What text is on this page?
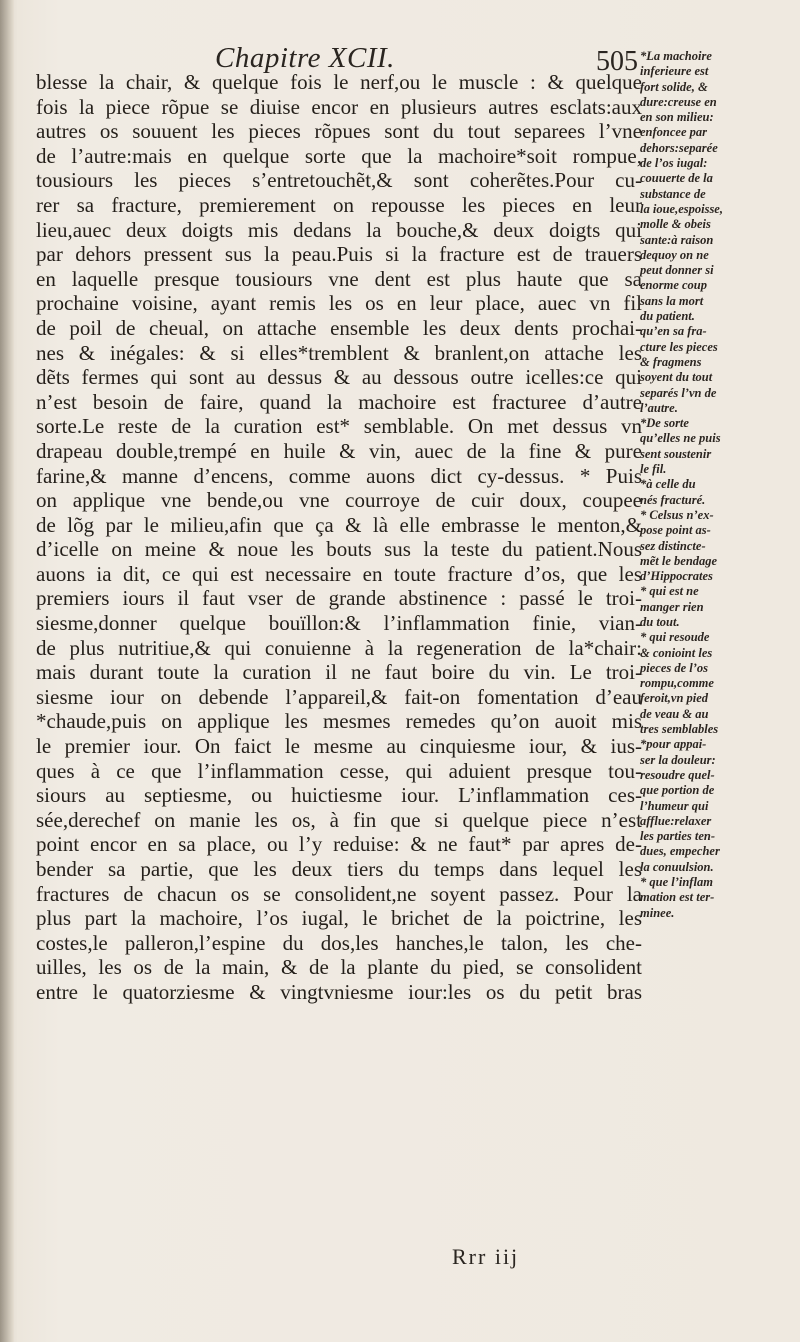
Chapitre XCII.	505
blesse la chair, & quelque fois le nerf,ou le muscle : & quelque
fois la piece rõpue se diuise encor en plusieurs autres esclats:aux
autres os souuent les pieces rõpues sont du tout separees l’vne
de l’autre:mais en quelque sorte que la machoire*soit rompue,
tousiours les pieces s’entretouchẽt,& sont coherẽtes.Pour cu-
rer sa fracture, premierement on repousse les pieces en leur
lieu,auec deux doigts mis dedans la bouche,& deux doigts qui
par dehors pressent sus la peau.Puis si la fracture est de trauers
en laquelle presque tousiours vne dent est plus haute que sa
prochaine voisine, ayant remis les os en leur place, auec vn fil
de poil de cheual, on attache ensemble les deux dents prochai-
nes & inégales: & si elles*tremblent & branlent,on attache les
dẽts fermes qui sont au dessus & au dessous outre icelles:ce qui
n’est besoin de faire, quand la machoire est fracturee d’autre
sorte.Le reste de la curation est* semblable. On met dessus vn
drapeau double,trempé en huile & vin, auec de la fine & pure
farine,& manne d’encens, comme auons dict cy-dessus. * Puis
on applique vne bende,ou vne courroye de cuir doux, coupee
de lõg par le milieu,afin que ça & là elle embrasse le menton,&
d’icelle on meine & noue les bouts sus la teste du patient.Nous
auons ia dit, ce qui est necessaire en toute fracture d’os, que les
premiers iours il faut vser de grande abstinence : passé le troi-
siesme,donner quelque bouïllon:& l’inflammation finie, vian-
de plus nutritiue,& qui conuienne à la regeneration de la*chair:
mais durant toute la curation il ne faut boire du vin. Le troi-
siesme iour on debende l’appareil,& fait-on fomentation d’eau
*chaude,puis on applique les mesmes remedes qu’on auoit mis
le premier iour. On faict le mesme au cinquiesme iour, & ius-
ques à ce que l’inflammation cesse, qui aduient presque tou-
siours au septiesme, ou huictiesme iour. L’inflammation ces-
sée,derechef on manie les os, à fin que si quelque piece n’est
point encor en sa place, ou l’y reduise: & ne faut* par apres de-
bender sa partie, que les deux tiers du temps dans lequel les
fractures de chacun os se consolident,ne soyent passez. Pour la
plus part la machoire, l’os iugal, le brichet de la poictrine, les
costes,le palleron,l’espine du dos,les hanches,le talon, les che-
uilles, les os de la main, & de la plante du pied, se consolident
entre le quatorziesme & vingtvniesme iour:les os du petit bras
*La machoire
inferieure est
fort solide, &
dure:creuse en
en son milieu:
enfoncee par
dehors:separée
de l’os iugal:
couuerte de la
substance de
la ioue,espoisse,
molle & obeis
sante:à raison
dequoy on ne
peut donner si
enorme coup
sans la mort
du patient.
qu’en sa fra-
cture les pieces
& fragmens
soyent du tout
separés l’vn de
l’autre.
*De sorte
qu’elles ne puis
sent soustenir
le fil.
*à celle du
nés fracturé.
* Celsus n’ex-
pose point as-
sez distincte-
mẽt le bendage
d’Hippocrates
* qui est ne
manger rien
du tout.
* qui resoude
& conioint les
pieces de l’os
rompu,comme
feroit,vn pied
de veau & au
tres semblables
*pour appai-
ser la douleur:
resoudre quel-
que portion de
l’humeur qui
afflue:relaxer
les parties ten-
dues, empecher
la conuulsion.
* que l’inflam
mation est ter-
minee.
Rrr iij
